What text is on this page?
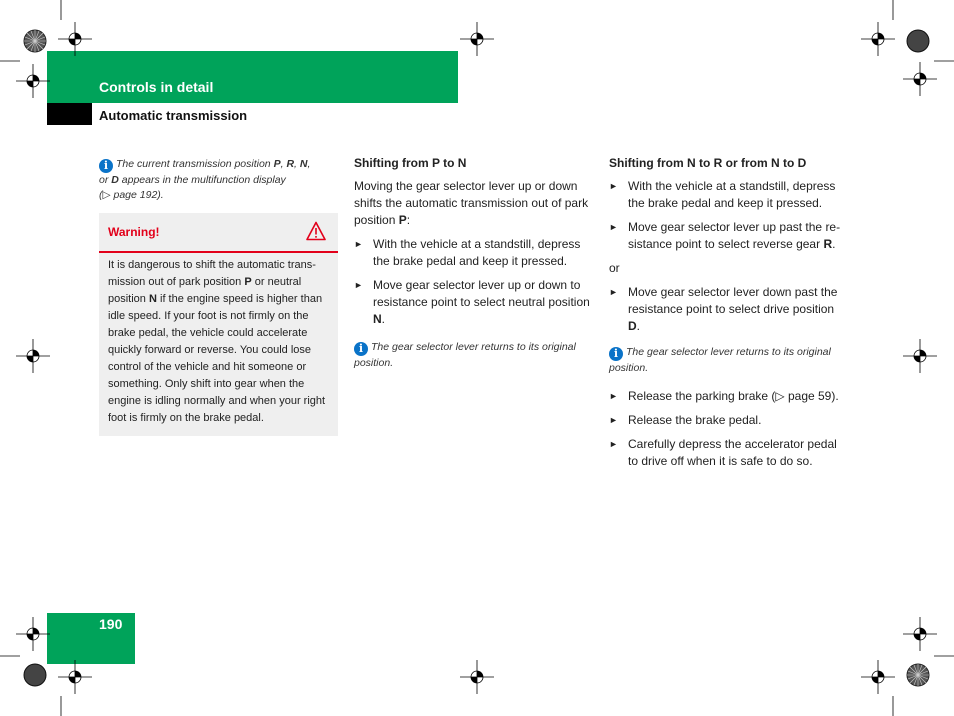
Controls in detail
Automatic transmission
190
i The current transmission position P, R, N,
or D appears in the multifunction display
(▷ page 192).
Warning!
It is dangerous to shift the automatic trans-mission out of park position P or neutral position N if the engine speed is higher than idle speed. If your foot is not firmly on the brake pedal, the vehicle could accelerate quickly forward or reverse. You could lose control of the vehicle and hit someone or something. Only shift into gear when the engine is idling normally and when your right foot is firmly on the brake pedal.
Shifting from P to N
Moving the gear selector lever up or down shifts the automatic transmission out of park position P:
► With the vehicle at a standstill, depress the brake pedal and keep it pressed.
► Move gear selector lever up or down to resistance point to select neutral position N.
i The gear selector lever returns to its original position.
Shifting from N to R or from N to D
► With the vehicle at a standstill, depress the brake pedal and keep it pressed.
► Move gear selector lever up past the re-sistance point to select reverse gear R.
or
► Move gear selector lever down past the resistance point to select drive position D.
i The gear selector lever returns to its original position.
► Release the parking brake (▷ page 59).
► Release the brake pedal.
► Carefully depress the accelerator pedal to drive off when it is safe to do so.
